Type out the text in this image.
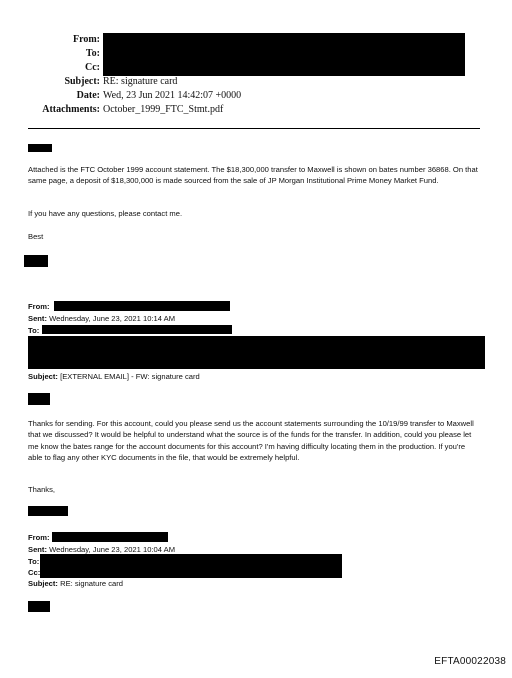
From:
To:
Cc:
Subject: RE: signature card
Date: Wed, 23 Jun 2021 14:42:07 +0000
Attachments: October_1999_FTC_Stmt.pdf

Attached is the FTC October 1999 account statement. The $18,300,000 transfer to Maxwell is shown on bates number 36868. On that same page, a deposit of $18,300,000 is made sourced from the sale of JP Morgan Institutional Prime Money Market Fund.

If you have any questions, please contact me.

Best

From:
Sent: Wednesday, June 23, 2021 10:14 AM
To:
Subject: [EXTERNAL EMAIL] - FW: signature card

Thanks for sending. For this account, could you please send us the account statements surrounding the 10/19/99 transfer to Maxwell that we discussed? It would be helpful to understand what the source is of the funds for the transfer. In addition, could you please let me know the bates range for the account documents for this account? I'm having difficulty locating them in the production. If you're able to flag any other KYC documents in the file, that would be extremely helpful.

Thanks,

From:
Sent: Wednesday, June 23, 2021 10:04 AM
To:
Cc:
Subject: RE: signature card
EFTA00022038
